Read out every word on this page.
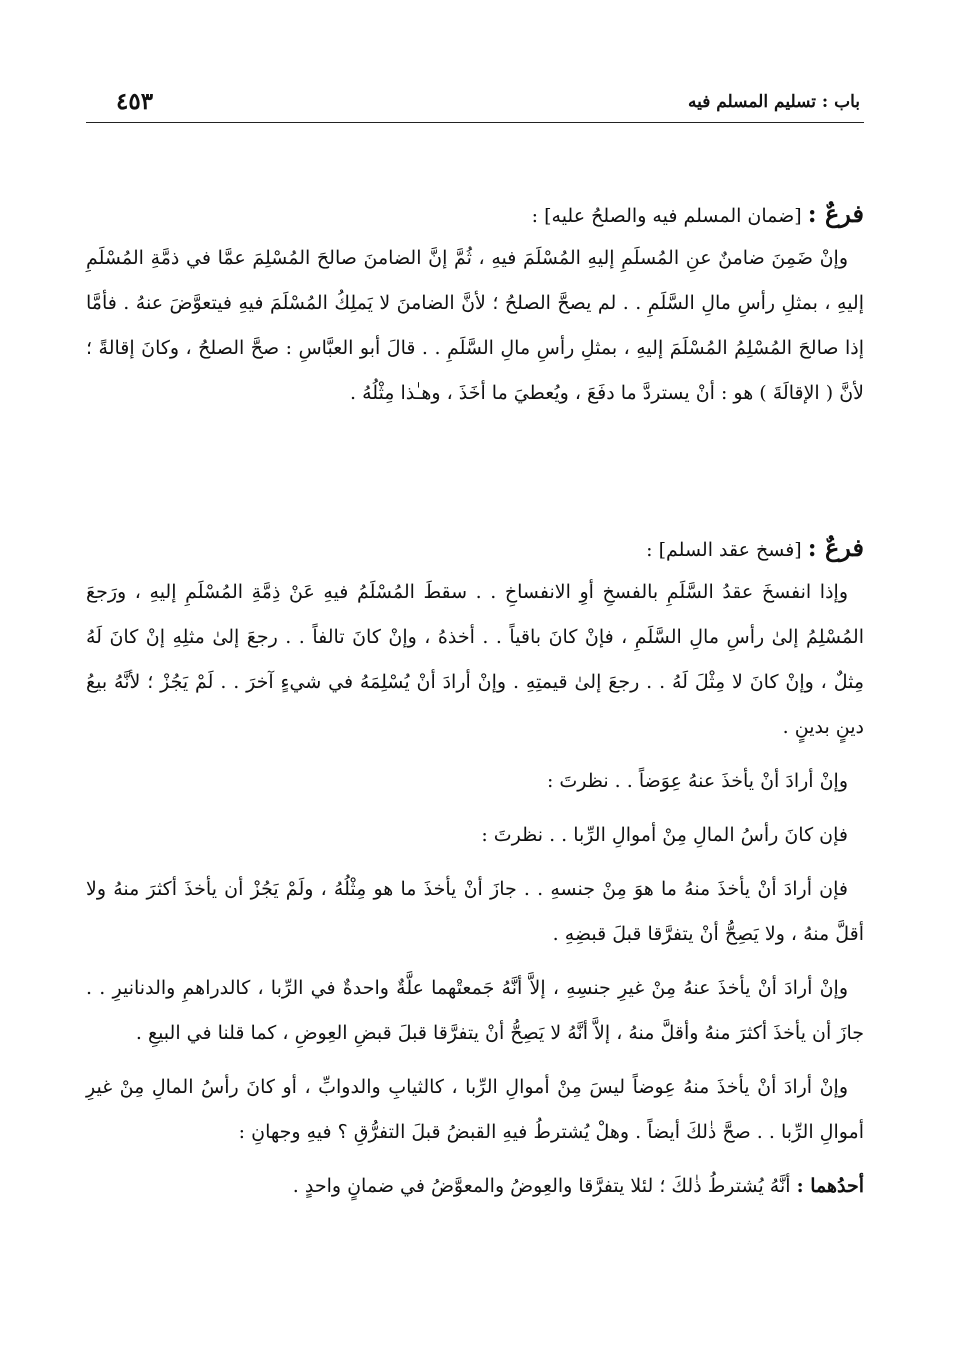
باب : تسليم المسلم فيه
٤٥٣

فرعٌ : [ضمان المسلم فيه والصلحُ عليه] :

وإنْ ضَمِنَ ضامنٌ عنِ المُسلَمِ إليهِ المُسْلَمَ فيهِ ، ثُمَّ إنَّ الضامنَ صالحَ المُسْلِمَ عمَّا في ذمَّةِ المُسْلَمِ إليهِ ، بمثلِ رأسِ مالِ السَّلَمِ . . لم يصحَّ الصلحُ ؛ لأنَّ الضامنَ لا يَملِكُ المُسْلَمَ فيهِ فيتعوَّضَ عنهُ . فأمَّا إذا صالحَ المُسْلِمُ المُسْلَمَ إليهِ ، بمثلِ رأسِ مالِ السَّلَمِ . . قالَ أبو العبَّاسِ : صحَّ الصلحُ ، وكانَ إقالةً ؛ لأنَّ ( الإقالَةَ ) هو : أنْ يستردَّ ما دفَعَ ، ويُعطيَ ما أخَذَ ، وهـٰذا مِثْلُهُ .

فرعٌ : [فسخ عقد السلم] :

وإذا انفسخَ عقدُ السَّلَمِ بالفسخِ أوِ الانفساخِ . . سقطَ المُسْلَمُ فيهِ عَنْ ذِمَّةِ المُسْلَمِ إليهِ ، ورَجعَ المُسْلِمُ إلىٰ رأسِ مالِ السَّلَمِ ، فإنْ كانَ باقياً . . أخذهُ ، وإنْ كانَ تالفاً . . رجعَ إلىٰ مثلِهِ إنْ كانَ لَهُ مِثلٌ ، وإنْ كانَ لا مِثْلَ لَهُ . . رجعَ إلىٰ قيمتِهِ . وإنْ أرادَ أنْ يُسْلِمَهُ في شيءٍ آخرَ . . لَمْ يَجُزْ ؛ لأنَّهُ بيعُ دينٍ بدينٍ .

وإنْ أرادَ أنْ يأخذَ عنهُ عِوَضاً . . نظرتَ :

فإن كانَ رأسُ المالِ مِنْ أموالِ الرِّبا . . نظرتَ :

فإن أرادَ أنْ يأخذَ منهُ ما هوَ مِنْ جنسهِ . . جازَ أنْ يأخذَ ما هو مِثْلُهُ ، ولَمْ يَجُزْ أن يأخذَ أكثرَ منهُ ولا أقلَّ منهُ ، ولا يَصِحُّ أنْ يتفرَّقا قبلَ قبضِهِ .

وإنْ أرادَ أنْ يأخذَ عنهُ مِنْ غيرِ جنسِهِ ، إلاَّ أنَّهُ جَمعتْهما علَّةٌ واحدةٌ في الرِّبا ، كالدراهمِ والدنانيرِ . . جازَ أن يأخذَ أكثرَ منهُ وأقلَّ منهُ ، إلاَّ أنَّهُ لا يَصِحُّ أنْ يتفرَّقا قبلَ قبضِ العِوضِ ، كما قلنا في البيعِ .

وإنْ أرادَ أنْ يأخذَ منهُ عِوضاً ليسَ مِنْ أموالِ الرِّبا ، كالثيابِ والدوابِّ ، أو كانَ رأسُ المالِ مِنْ غيرِ أموالِ الرِّبا . . صحَّ ذٰلكَ أيضاً . وهلْ يُشترطُ فيهِ القبضُ قبلَ التفرُّقِ ؟ فيهِ وجهانِ :

أحدُهما : أنَّهُ يُشترطُ ذٰلكَ ؛ لئلا يتفرَّقا والعِوضُ والمعوَّضُ في ضمانٍ واحدٍ .
